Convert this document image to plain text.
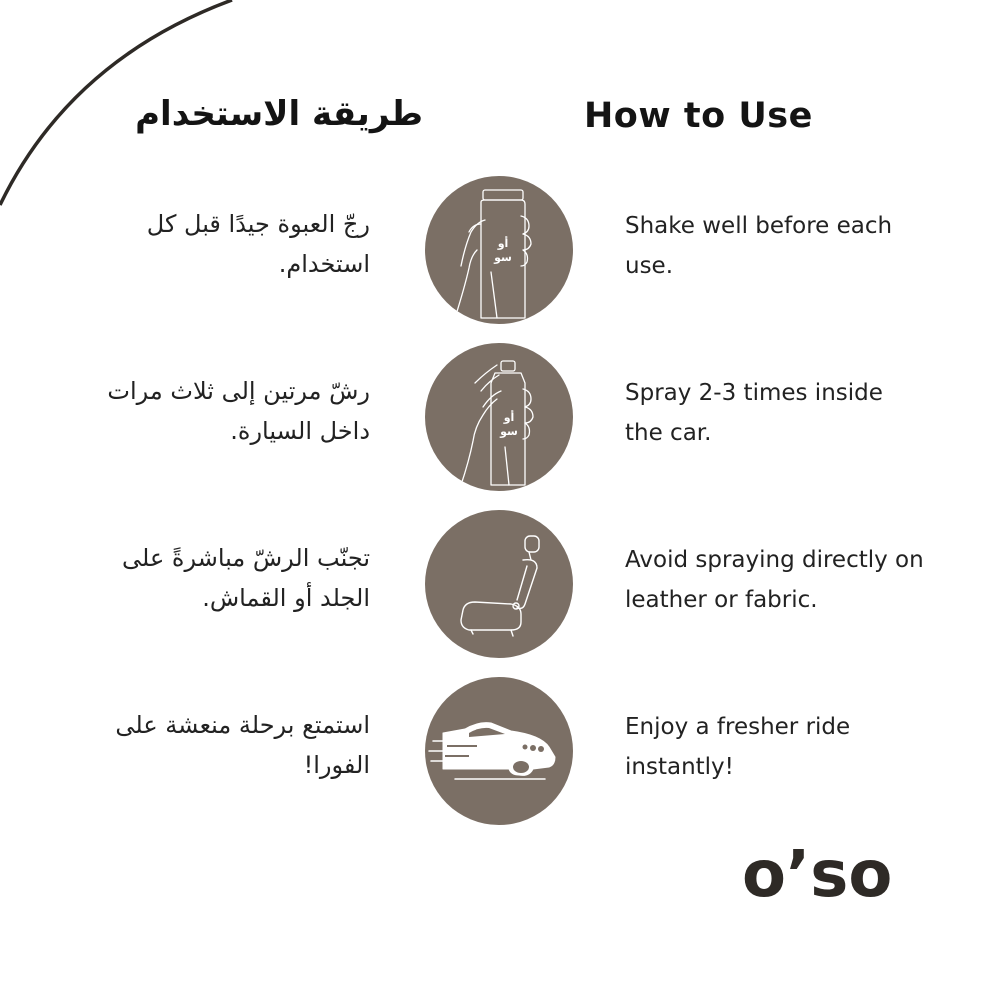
How to Use
طريقة الاستخدام

رجّ العبوة جيدًا قبل كل استخدام.

أو
سو

Shake well before each use.

رشّ مرتين إلى ثلاث مرات داخل السيارة.	أو
سو

Spray 2-3 times inside the car.

تجنّب الرشّ مباشرةً على الجلد أو القماش.

Avoid spraying directly on leather or fabric.

استمتع برحلة منعشة على الفورا!

Enjoy a fresher ride instantly!

o’so
